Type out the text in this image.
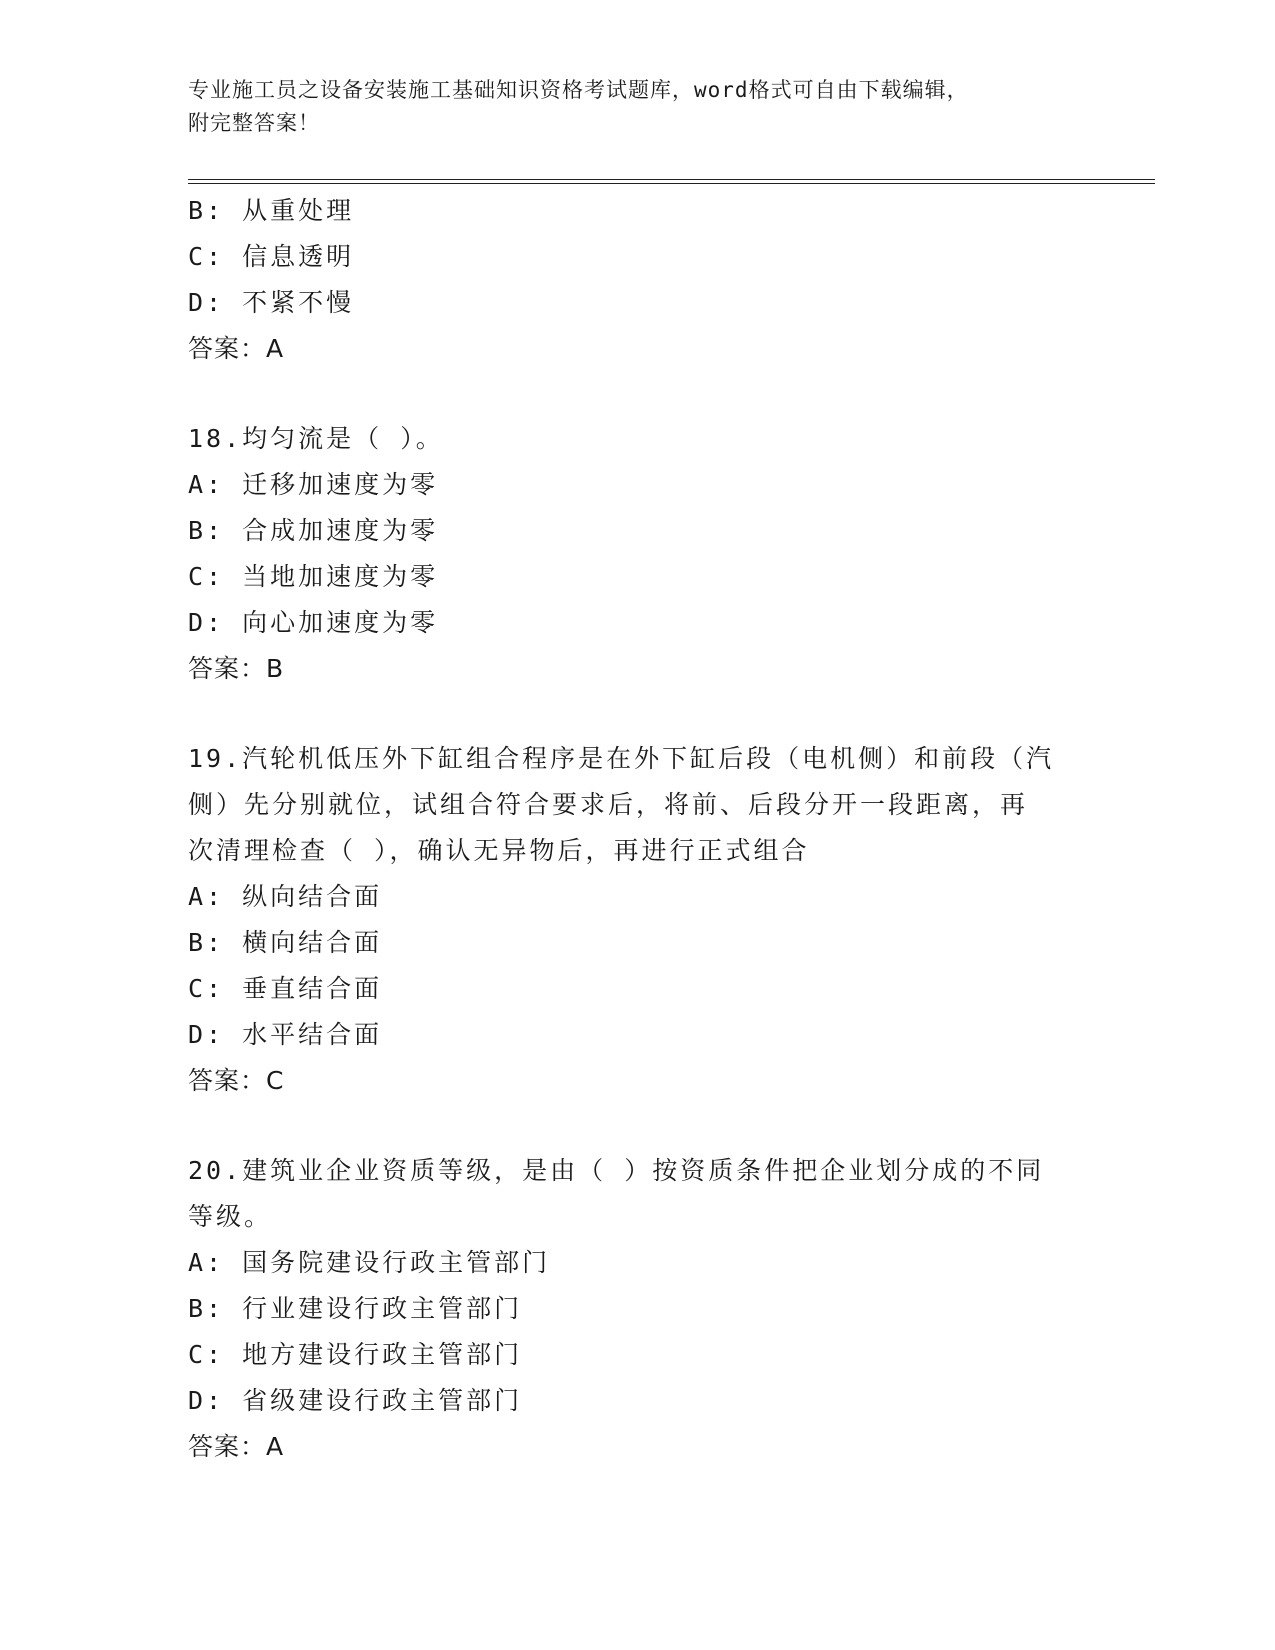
专业施工员之设备安装施工基础知识资格考试题库，word格式可自由下载编辑，
附完整答案！
B: 从重处理
C: 信息透明
D: 不紧不慢
答案：A
18.均匀流是（ ）。
A: 迁移加速度为零
B: 合成加速度为零
C: 当地加速度为零
D: 向心加速度为零
答案：B
19.汽轮机低压外下缸组合程序是在外下缸后段（电机侧）和前段（汽
侧）先分别就位，试组合符合要求后，将前、后段分开一段距离，再
次清理检查（ ），确认无异物后，再进行正式组合
A: 纵向结合面
B: 横向结合面
C: 垂直结合面
D: 水平结合面
答案：C
20.建筑业企业资质等级，是由（ ）按资质条件把企业划分成的不同
等级。
A: 国务院建设行政主管部门
B: 行业建设行政主管部门
C: 地方建设行政主管部门
D: 省级建设行政主管部门
答案：A
